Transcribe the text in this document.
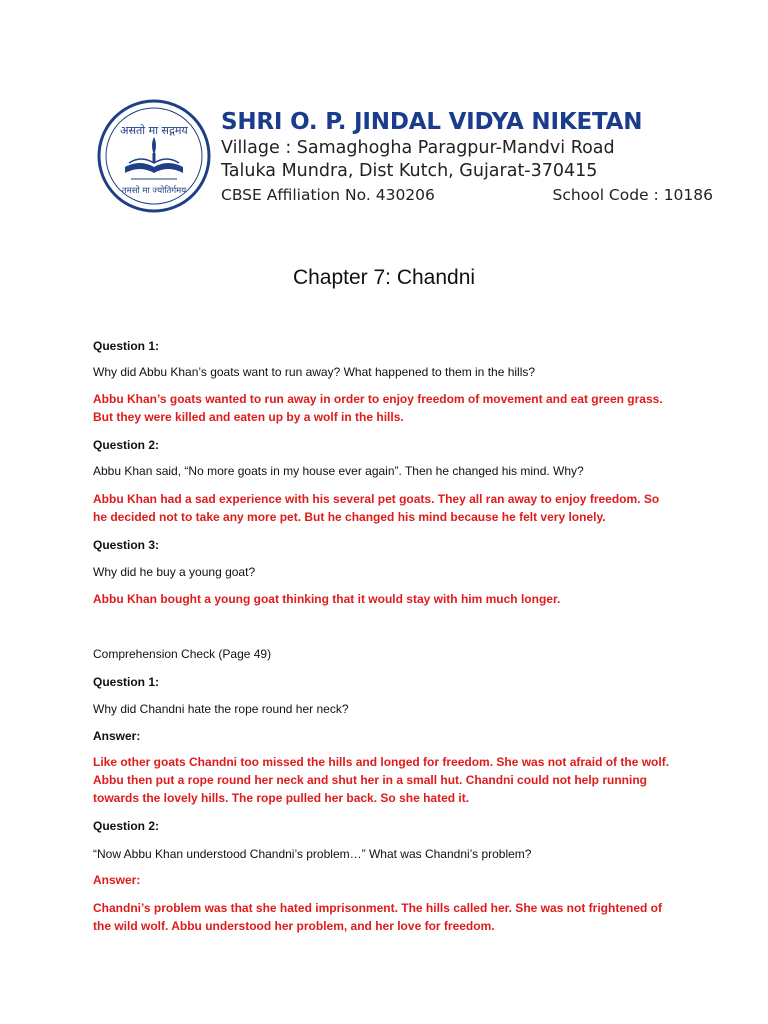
असतो मा सद्गमय
तमसो मा ज्योतिर्गमय
SHRI O. P. JINDAL VIDYA NIKETAN
Village : Samaghogha Paragpur-Mandvi Road
Taluka Mundra, Dist Kutch, Gujarat-370415
CBSE Affiliation No. 430206	School Code : 10186
Chapter 7: Chandni
Question 1:
Why did Abbu Khan’s goats want to run away? What happened to them in the hills?
Abbu Khan’s goats wanted to run away in order to enjoy freedom of movement and eat green grass.
But they were killed and eaten up by a wolf in the hills.
Question 2:
Abbu Khan said, “No more goats in my house ever again”. Then he changed his mind. Why?
Abbu Khan had a sad experience with his several pet goats. They all ran away to enjoy freedom. So
he decided not to take any more pet. But he changed his mind because he felt very lonely.
Question 3:
Why did he buy a young goat?
Abbu Khan bought a young goat thinking that it would stay with him much longer.
Comprehension Check (Page 49)
Question 1:
Why did Chandni hate the rope round her neck?
Answer:
Like other goats Chandni too missed the hills and longed for freedom. She was not afraid of the wolf.
Abbu then put a rope round her neck and shut her in a small hut. Chandni could not help running
towards the lovely hills. The rope pulled her back. So she hated it.
Question 2:
“Now Abbu Khan understood Chandni’s problem…” What was Chandni’s problem?
Answer:
Chandni’s problem was that she hated imprisonment. The hills called her. She was not frightened of
the wild wolf. Abbu understood her problem, and her love for freedom.
